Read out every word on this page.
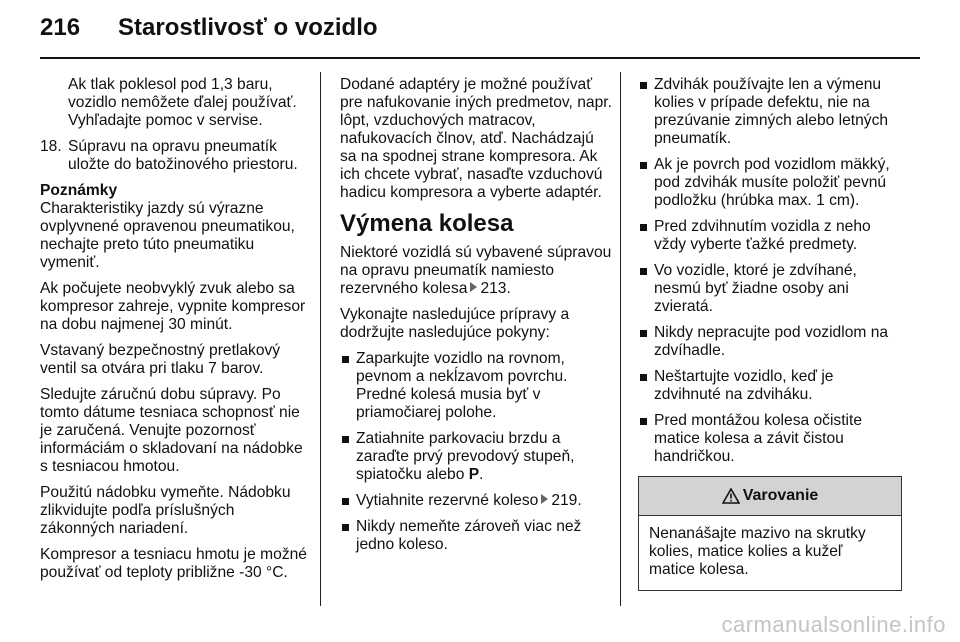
216 Starostlivosť o vozidlo

Ak tlak poklesol pod 1,3 baru, vozidlo nemôžete ďalej používať. Vyhľadajte pomoc v servise.

18. Súpravu na opravu pneumatík uložte do batožinového priestoru.
Poznámky
Charakteristiky jazdy sú výrazne ovplyvnené opravenou pneumatikou, nechajte preto túto pneumatiku vymeniť.

Ak počujete neobvyklý zvuk alebo sa kompresor zahreje, vypnite kompresor na dobu najmenej 30 minút.

Vstavaný bezpečnostný pretlakový ventil sa otvára pri tlaku 7 barov.

Sledujte záručnú dobu súpravy. Po tomto dátume tesniaca schopnosť nie je zaručená. Venujte pozornosť informáciám o skladovaní na nádobke s tesniacou hmotou.

Použitú nádobku vymeňte. Nádobku zlikvidujte podľa príslušných zákonných nariadení.

Kompresor a tesniacu hmotu je možné používať od teploty približne -30 °C.

Dodané adaptéry je možné používať pre nafukovanie iných predmetov, napr. lôpt, vzduchových matracov, nafukovacích člnov, atď. Nachádzajú sa na spodnej strane kompresora. Ak ich chcete vybrať, nasaďte vzduchovú hadicu kompresora a vyberte adaptér.

Výmena kolesa

Niektoré vozidlá sú vybavené súpravou na opravu pneumatík namiesto rezervného kolesa 213.

Vykonajte nasledujúce prípravy a dodržujte nasledujúce pokyny:

Zaparkujte vozidlo na rovnom, pevnom a nekĺzavom povrchu. Predné kolesá musia byť v priamočiarej polohe.
Zatiahnite parkovaciu brzdu a zaraďte prvý prevodový stupeň, spiatočku alebo P.
Vytiahnite rezervné koleso 219.
Nikdy nemeňte zároveň viac než jedno koleso.
Zdvihák používajte len a výmenu kolies v prípade defektu, nie na prezúvanie zimných alebo letných pneumatík.
Ak je povrch pod vozidlom mäkký, pod zdvihák musíte položiť pevnú podložku (hrúbka max. 1 cm).
Pred zdvihnutím vozidla z neho vždy vyberte ťažké predmety.
Vo vozidle, ktoré je zdvíhané, nesmú byť žiadne osoby ani zvieratá.
Nikdy nepracujte pod vozidlom na zdvíhadle.
Neštartujte vozidlo, keď je zdvihnuté na zdviháku.
Pred montážou kolesa očistite matice kolesa a závit čistou handričkou.
Varovanie
Nenanášajte mazivo na skrutky kolies, matice kolies a kužeľ matice kolesa.
carmanualsonline.info
